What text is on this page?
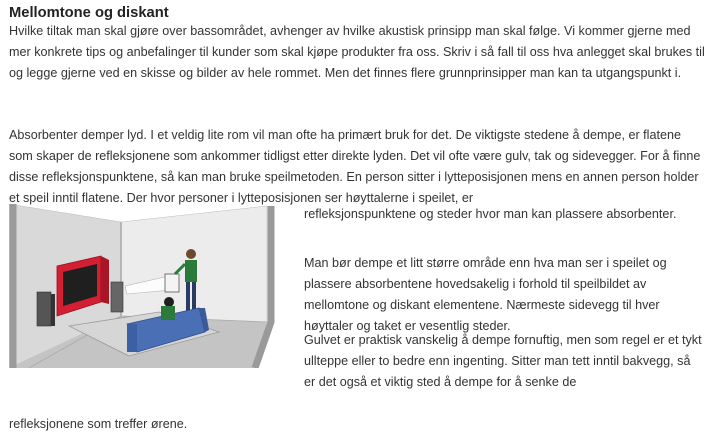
Mellomtone og diskant

Hvilke tiltak man skal gjøre over bassområdet, avhenger av hvilke akustisk prinsipp man skal følge. Vi kommer gjerne med mer konkrete tips og anbefalinger til kunder som skal kjøpe produkter fra oss. Skriv i så fall til oss hva anlegget skal brukes til og legge gjerne ved en skisse og bilder av hele rommet. Men det finnes flere grunnprinsipper man kan ta utgangspunkt i.

Absorbenter demper lyd. I et veldig lite rom vil man ofte ha primært bruk for det. De viktigste stedene å dempe, er flatene som skaper de refleksjonene som ankommer tidligst etter direkte lyden. Det vil ofte være gulv, tak og sidevegger. For å finne disse refleksjonspunktene, så kan man bruke speilmetoden. En person sitter i lytteposisjonen mens en annen person holder et speil inntil flatene. Der hvor personer i lytteposisjonen ser høyttalerne i speilet, er

refleksjonspunktene og steder hvor man kan plassere absorbenter.

Man bør dempe et litt større område enn hva man ser i speilet og plassere absorbentene hovedsakelig i forhold til speilbildet av mellomtone og diskant elementene. Nærmeste sidevegg til hver høyttaler og taket er vesentlig steder.

Gulvet er praktisk vanskelig å dempe fornuftig, men som regel er et tykt ullteppe eller to bedre enn ingenting. Sitter man tett inntil bakvegg, så er det også et viktig sted å dempe for å senke de

refleksjonene som treffer ørene.
